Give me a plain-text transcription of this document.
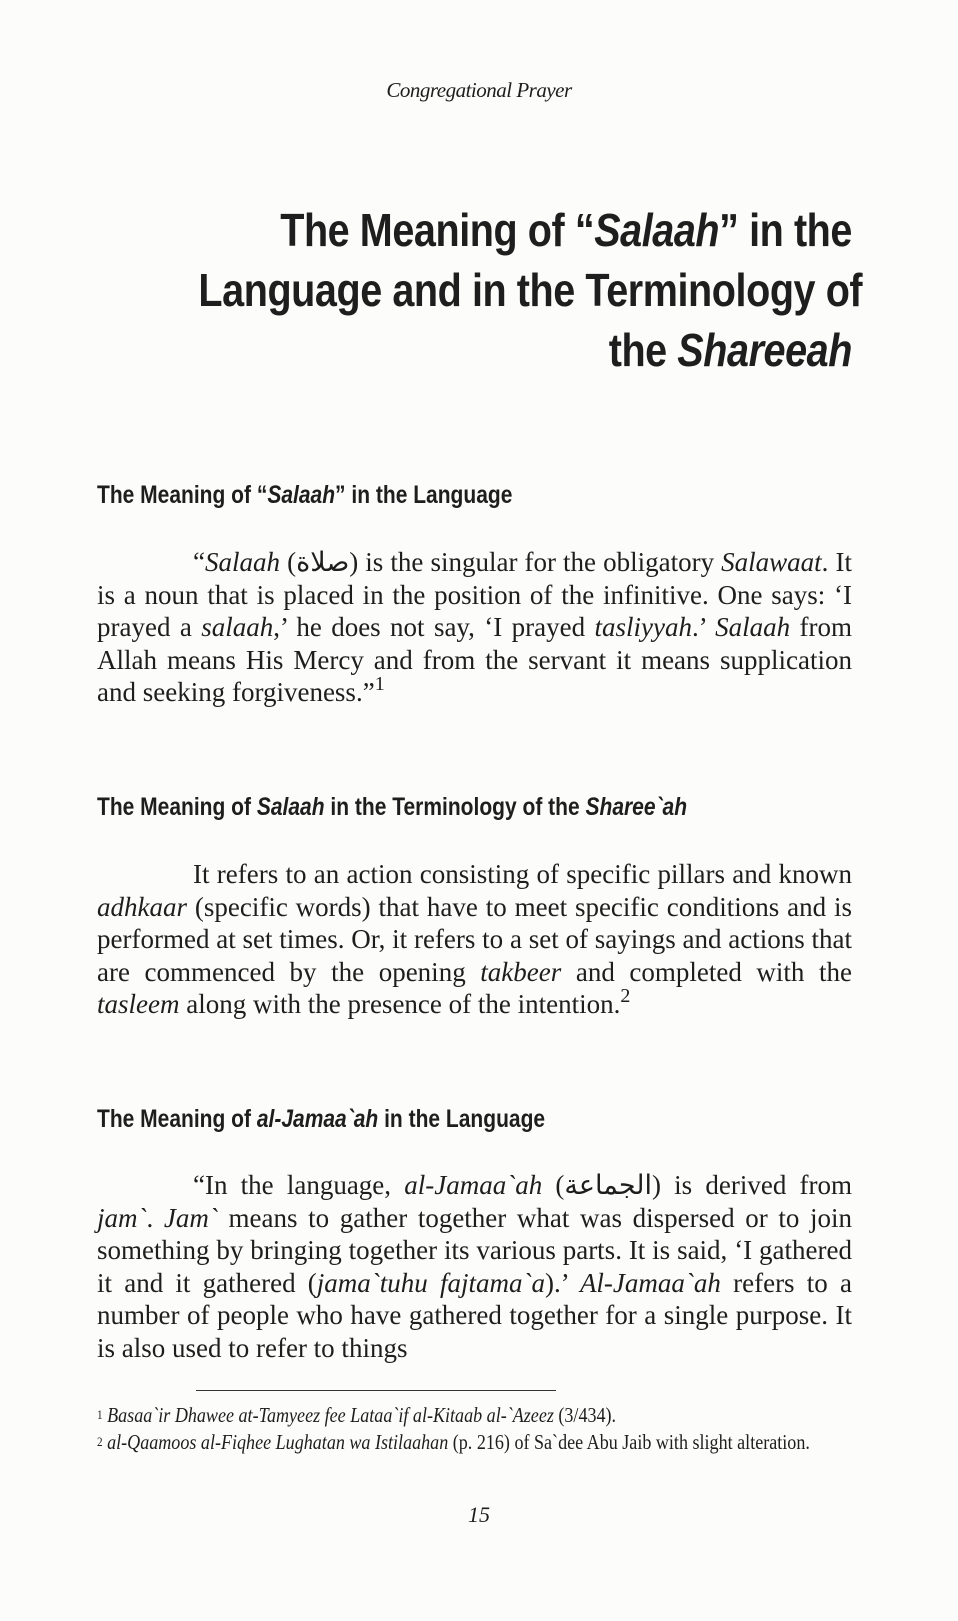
Congregational Prayer
The Meaning of “Salaah” in the
Language and in the Terminology of
the Shareeah
The Meaning of “Salaah” in the Language

“Salaah (صلاة) is the singular for the obligatory Salawaat. It is a noun that is placed in the position of the infinitive. One says: ‘I prayed a salaah,’ he does not say, ‘I prayed tasliyyah.’ Salaah from Allah means His Mercy and from the servant it means supplication and seeking forgiveness.”$^1$

The Meaning of Salaah in the Terminology of the Sharee`ah

It refers to an action consisting of specific pillars and known adhkaar (specific words) that have to meet specific conditions and is performed at set times. Or, it refers to a set of sayings and actions that are commenced by the opening takbeer and completed with the tasleem along with the presence of the intention.$^2$

The Meaning of al-Jamaa`ah in the Language

“In the language, al-Jamaa`ah (الجماعة) is derived from jam`. Jam` means to gather together what was dispersed or to join something by bringing together its various parts. It is said, ‘I gathered it and it gathered (jama`tuhu fajtama`a).’ Al-Jamaa`ah refers to a number of people who have gathered together for a single purpose. It is also used to refer to things

$^1$ Basaa`ir Dhawee at-Tamyeez fee Lataa`if al-Kitaab al-`Azeez (3/434).
$^2$ al-Qaamoos al-Fiqhee Lughatan wa Istilaahan (p. 216) of Sa`dee Abu Jaib with slight alteration.
15
